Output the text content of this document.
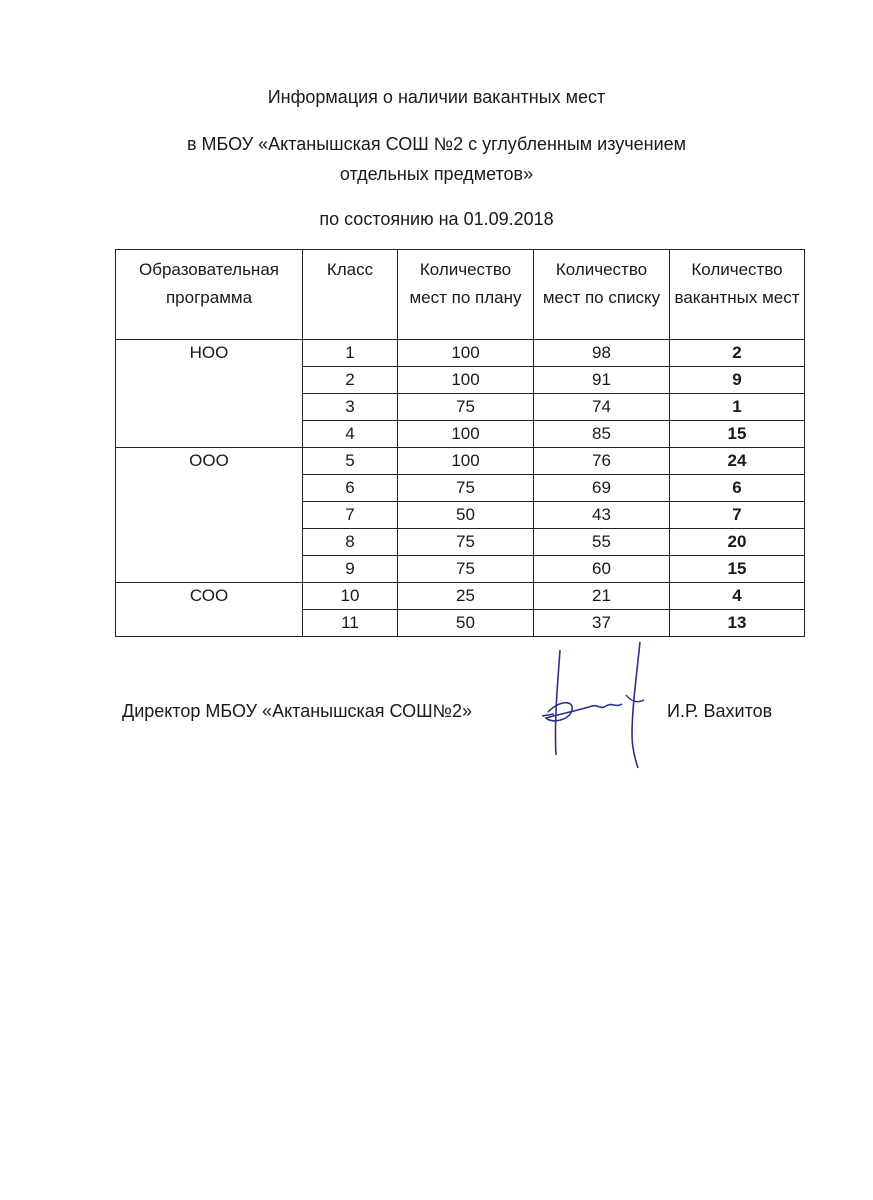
Информация о наличии вакантных мест
в МБОУ «Актанышская СОШ №2 с углубленным изучением
отдельных предметов»
по состоянию на 01.09.2018
Образовательная программа	Класс	Количество мест по плану	Количество мест по списку	Количество вакантных мест
НОО	1	100	98	2
	2	100	91	9
	3	75	74	1
	4	100	85	15
ООО	5	100	76	24
	6	75	69	6
	7	50	43	7
	8	75	55	20
	9	75	60	15
СОО	10	25	21	4
	11	50	37	13
Директор МБОУ «Актанышская СОШ№2»	И.Р. Вахитов
